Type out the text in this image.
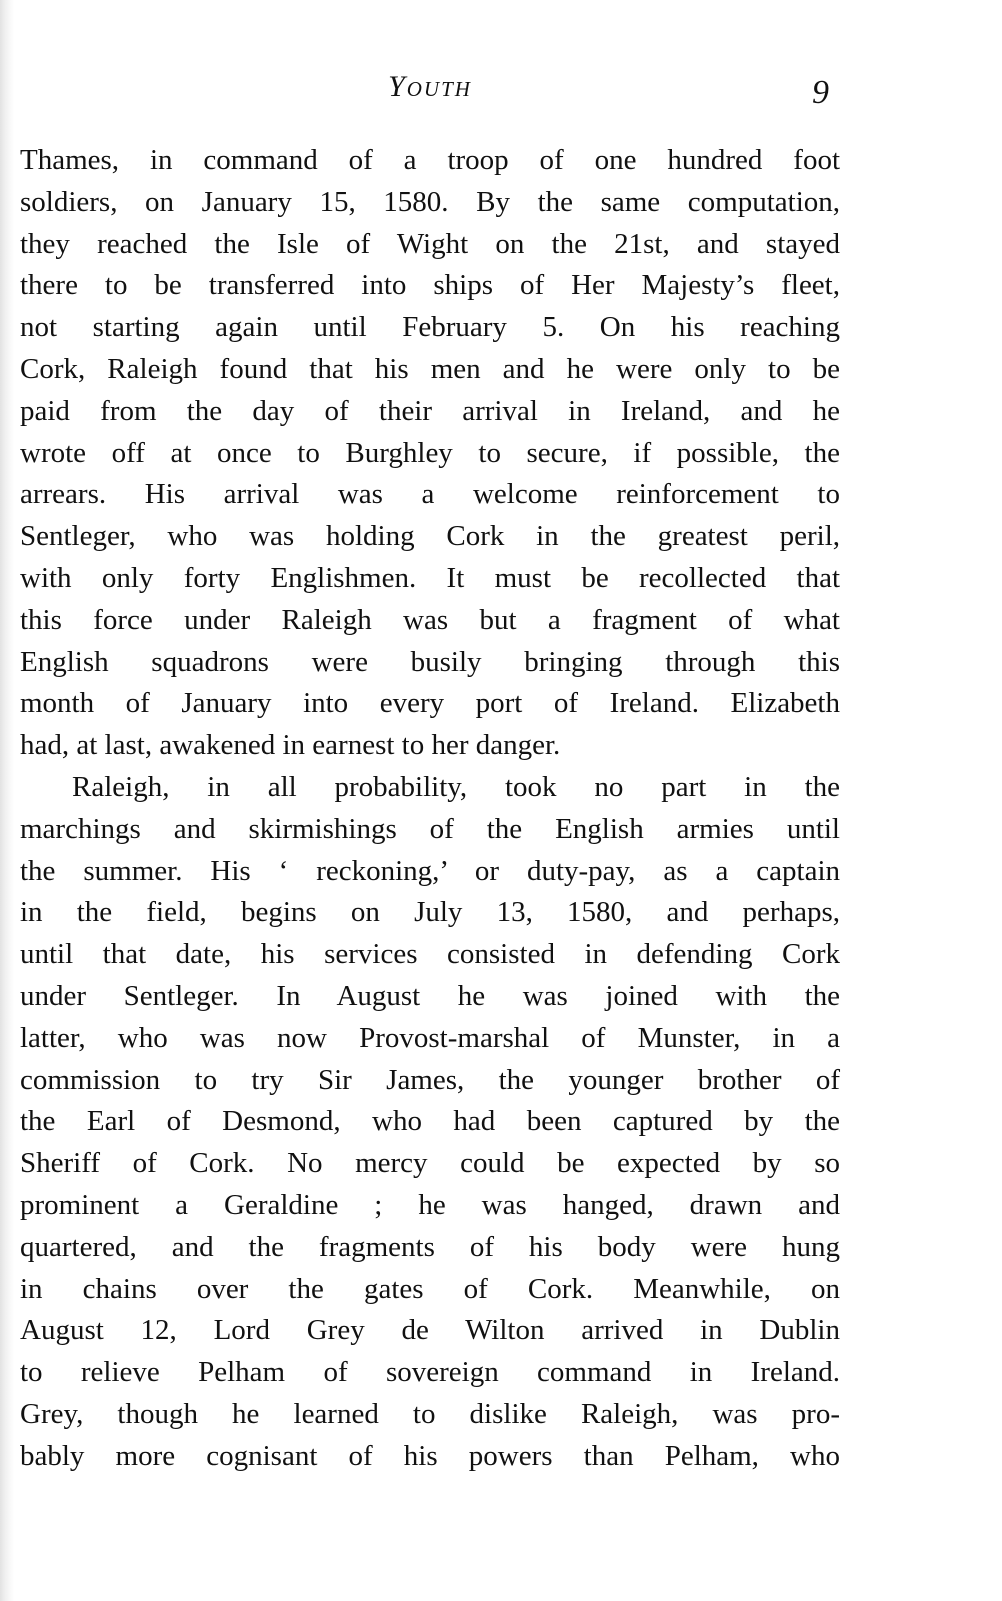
Youth	9
Thames, in command of a troop of one hundred foot
soldiers, on January 15, 1580. By the same computation,
they reached the Isle of Wight on the 21st, and stayed
there to be transferred into ships of Her Majesty’s fleet,
not starting again until February 5. On his reaching
Cork, Raleigh found that his men and he were only to be
paid from the day of their arrival in Ireland, and he
wrote off at once to Burghley to secure, if possible, the
arrears. His arrival was a welcome reinforcement to
Sentleger, who was holding Cork in the greatest peril,
with only forty Englishmen. It must be recollected that
this force under Raleigh was but a fragment of what
English squadrons were busily bringing through this
month of January into every port of Ireland. Elizabeth
had, at last, awakened in earnest to her danger.
Raleigh, in all probability, took no part in the
marchings and skirmishings of the English armies until
the summer. His ‘ reckoning,’ or duty-pay, as a captain
in the field, begins on July 13, 1580, and perhaps,
until that date, his services consisted in defending Cork
under Sentleger. In August he was joined with the
latter, who was now Provost-marshal of Munster, in a
commission to try Sir James, the younger brother of
the Earl of Desmond, who had been captured by the
Sheriff of Cork. No mercy could be expected by so
prominent a Geraldine ; he was hanged, drawn and
quartered, and the fragments of his body were hung
in chains over the gates of Cork. Meanwhile, on
August 12, Lord Grey de Wilton arrived in Dublin
to relieve Pelham of sovereign command in Ireland.
Grey, though he learned to dislike Raleigh, was pro-
bably more cognisant of his powers than Pelham, who
